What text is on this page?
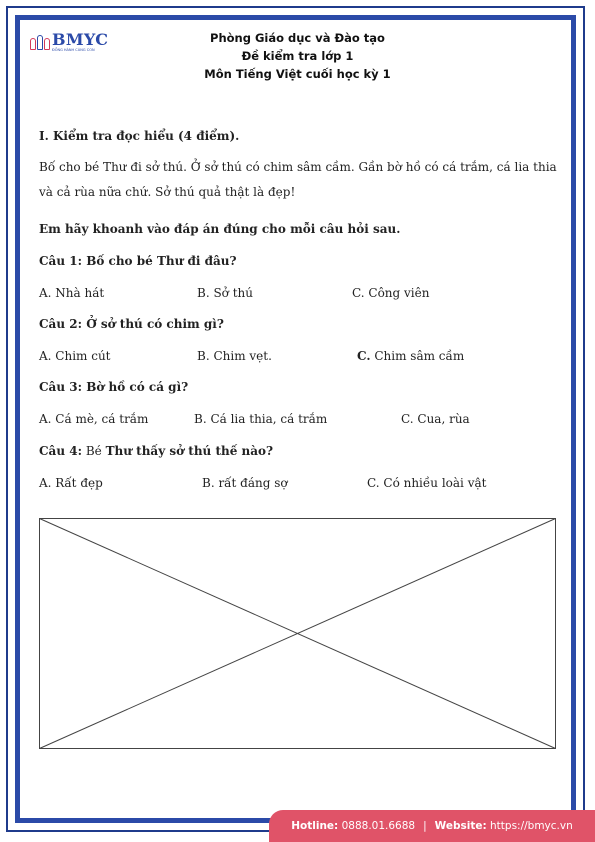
BMYC
ĐỒNG HÀNH CÙNG CON
Phòng Giáo dục và Đào tạo
Đề kiểm tra lớp 1
Môn Tiếng Việt cuối học kỳ 1
I. Kiểm tra đọc hiểu (4 điểm).
Bố cho bé Thư đi sở thú. Ở sở thú có chim sâm cầm. Gần bờ hồ có cá trắm, cá lia thia
và cả rùa nữa chứ. Sở thú quả thật là đẹp!
Em hãy khoanh vào đáp án đúng cho mỗi câu hỏi sau.
Câu 1: Bố cho bé Thư đi đâu?
A. Nhà hát	B. Sở thú	C. Công viên
Câu 2: Ở sở thú có chim gì?
A. Chim cút	B. Chim vẹt.	C. Chim sâm cầm
Câu 3: Bờ hồ có cá gì?
A. Cá mè, cá trắm	B. Cá lia thia, cá trắm	C. Cua, rùa
Câu 4: Bé Thư thấy sở thú thế nào?
A. Rất đẹp	B. rất đáng sợ	C. Có nhiều loài vật
Hotline:
0888.01.6688 | Website:
https://bmyc.vn
